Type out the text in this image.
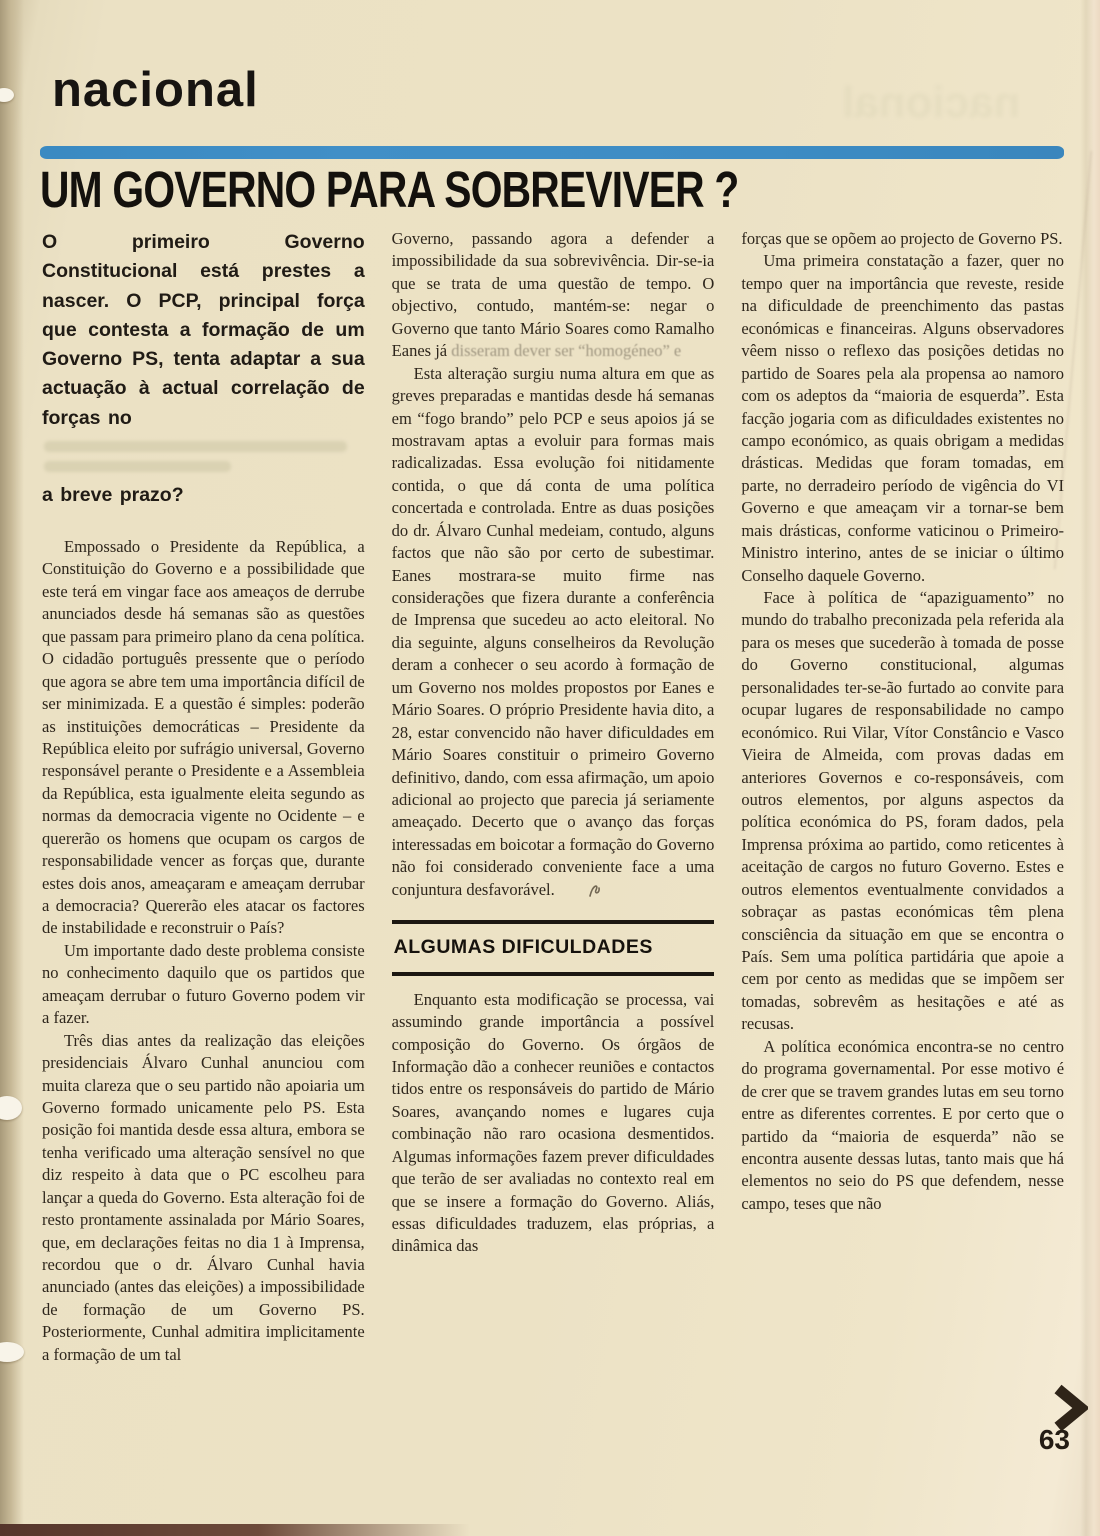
nacional
nacional
UM GOVERNO PARA SOBREVIVER ?

O primeiro Governo Constitucional está prestes a nascer. O PCP, principal força que contesta a formação de um Governo PS, tenta adaptar a sua actuação à actual correlação de forças no

a breve prazo?

Empossado o Presidente da República, a Constituição do Governo e a possibilidade que este terá em vingar face aos ameaços de derrube anunciados desde há semanas são as questões que passam para primeiro plano da cena política. O cidadão português pressente que o período que agora se abre tem uma importância difícil de ser minimizada. E a questão é simples: poderão as instituições democráticas – Presidente da República eleito por sufrágio universal, Governo responsável perante o Presidente e a Assembleia da República, esta igualmente eleita segundo as normas da democracia vigente no Ocidente – e quererão os homens que ocupam os cargos de responsabilidade vencer as forças que, durante estes dois anos, ameaçaram e ameaçam derrubar a democracia? Quererão eles atacar os factores de instabilidade e reconstruir o País?

Um importante dado deste problema consiste no conhecimento daquilo que os partidos que ameaçam derrubar o futuro Governo podem vir a fazer.

Três dias antes da realização das eleições presidenciais Álvaro Cunhal anunciou com muita clareza que o seu partido não apoiaria um Governo formado unicamente pelo PS. Esta posição foi mantida desde essa altura, embora se tenha verificado uma alteração sensível no que diz respeito à data que o PC escolheu para lançar a queda do Governo. Esta alteração foi de resto prontamente assinalada por Mário Soares, que, em declarações feitas no dia 1 à Imprensa, recordou que o dr. Álvaro Cunhal havia anunciado (antes das eleições) a impossibilidade de formação de um Governo PS. Posteriormente, Cunhal admitira implicitamente a formação de um tal

Governo, passando agora a defender a impossibilidade da sua sobrevivência. Dir-se-ia que se trata de uma questão de tempo. O objectivo, contudo, mantém-se: negar o Governo que tanto Mário Soares como Ramalho Eanes já disseram dever ser “homogéneo” e

Esta alteração surgiu numa altura em que as greves preparadas e mantidas desde há semanas em “fogo brando” pelo PCP e seus apoios já se mostravam aptas a evoluir para formas mais radicalizadas. Essa evolução foi nitidamente contida, o que dá conta de uma política concertada e controlada. Entre as duas posições do dr. Álvaro Cunhal medeiam, contudo, alguns factos que não são por certo de subestimar. Eanes mostrara-se muito firme nas considerações que fizera durante a conferência de Imprensa que sucedeu ao acto eleitoral. No dia seguinte, alguns conselheiros da Revolução deram a conhecer o seu acordo à formação de um Governo nos moldes propostos por Eanes e Mário Soares. O próprio Presidente havia dito, a 28, estar convencido não haver dificuldades em Mário Soares constituir o primeiro Governo definitivo, dando, com essa afirmação, um apoio adicional ao projecto que parecia já seriamente ameaçado. Decerto que o avanço das forças interessadas em boicotar a formação do Governo não foi considerado conveniente face a uma conjuntura desfavorável.

ALGUMAS DIFICULDADES

Enquanto esta modificação se processa, vai assumindo grande importância a possível composição do Governo. Os órgãos de Informação dão a conhecer reuniões e contactos tidos entre os responsáveis do partido de Mário Soares, avançando nomes e lugares cuja combinação não raro ocasiona desmentidos. Algumas informações fazem prever dificuldades que terão de ser avaliadas no contexto real em que se insere a formação do Governo. Aliás, essas dificuldades traduzem, elas próprias, a dinâmica das

forças que se opõem ao projecto de Governo PS.

Uma primeira constatação a fazer, quer no tempo quer na importância que reveste, reside na dificuldade de preenchimento das pastas económicas e financeiras. Alguns observadores vêem nisso o reflexo das posições detidas no partido de Soares pela ala propensa ao namoro com os adeptos da “maioria de esquerda”. Esta facção jogaria com as dificuldades existentes no campo económico, as quais obrigam a medidas drásticas. Medidas que foram tomadas, em parte, no derradeiro período de vigência do VI Governo e que ameaçam vir a tornar-se bem mais drásticas, conforme vaticinou o Primeiro-Ministro interino, antes de se iniciar o último Conselho daquele Governo.

Face à política de “apaziguamento” no mundo do trabalho preconizada pela referida ala para os meses que sucederão à tomada de posse do Governo constitucional, algumas personalidades ter-se-ão furtado ao convite para ocupar lugares de responsabilidade no campo económico. Rui Vilar, Vítor Constâncio e Vasco Vieira de Almeida, com provas dadas em anteriores Governos e co-responsáveis, com outros elementos, por alguns aspectos da política económica do PS, foram dados, pela Imprensa próxima ao partido, como reticentes à aceitação de cargos no futuro Governo. Estes e outros elementos eventualmente convidados a sobraçar as pastas económicas têm plena consciência da situação em que se encontra o País. Sem uma política partidária que apoie a cem por cento as medidas que se impõem ser tomadas, sobrevêm as hesitações e até as recusas.

A política económica encontra-se no centro do programa governamental. Por esse motivo é de crer que se travem grandes lutas em seu torno entre as diferentes correntes. E por certo que o partido da “maioria de esquerda” não se encontra ausente dessas lutas, tanto mais que há elementos no seio do PS que defendem, nesse campo, teses que não

63
